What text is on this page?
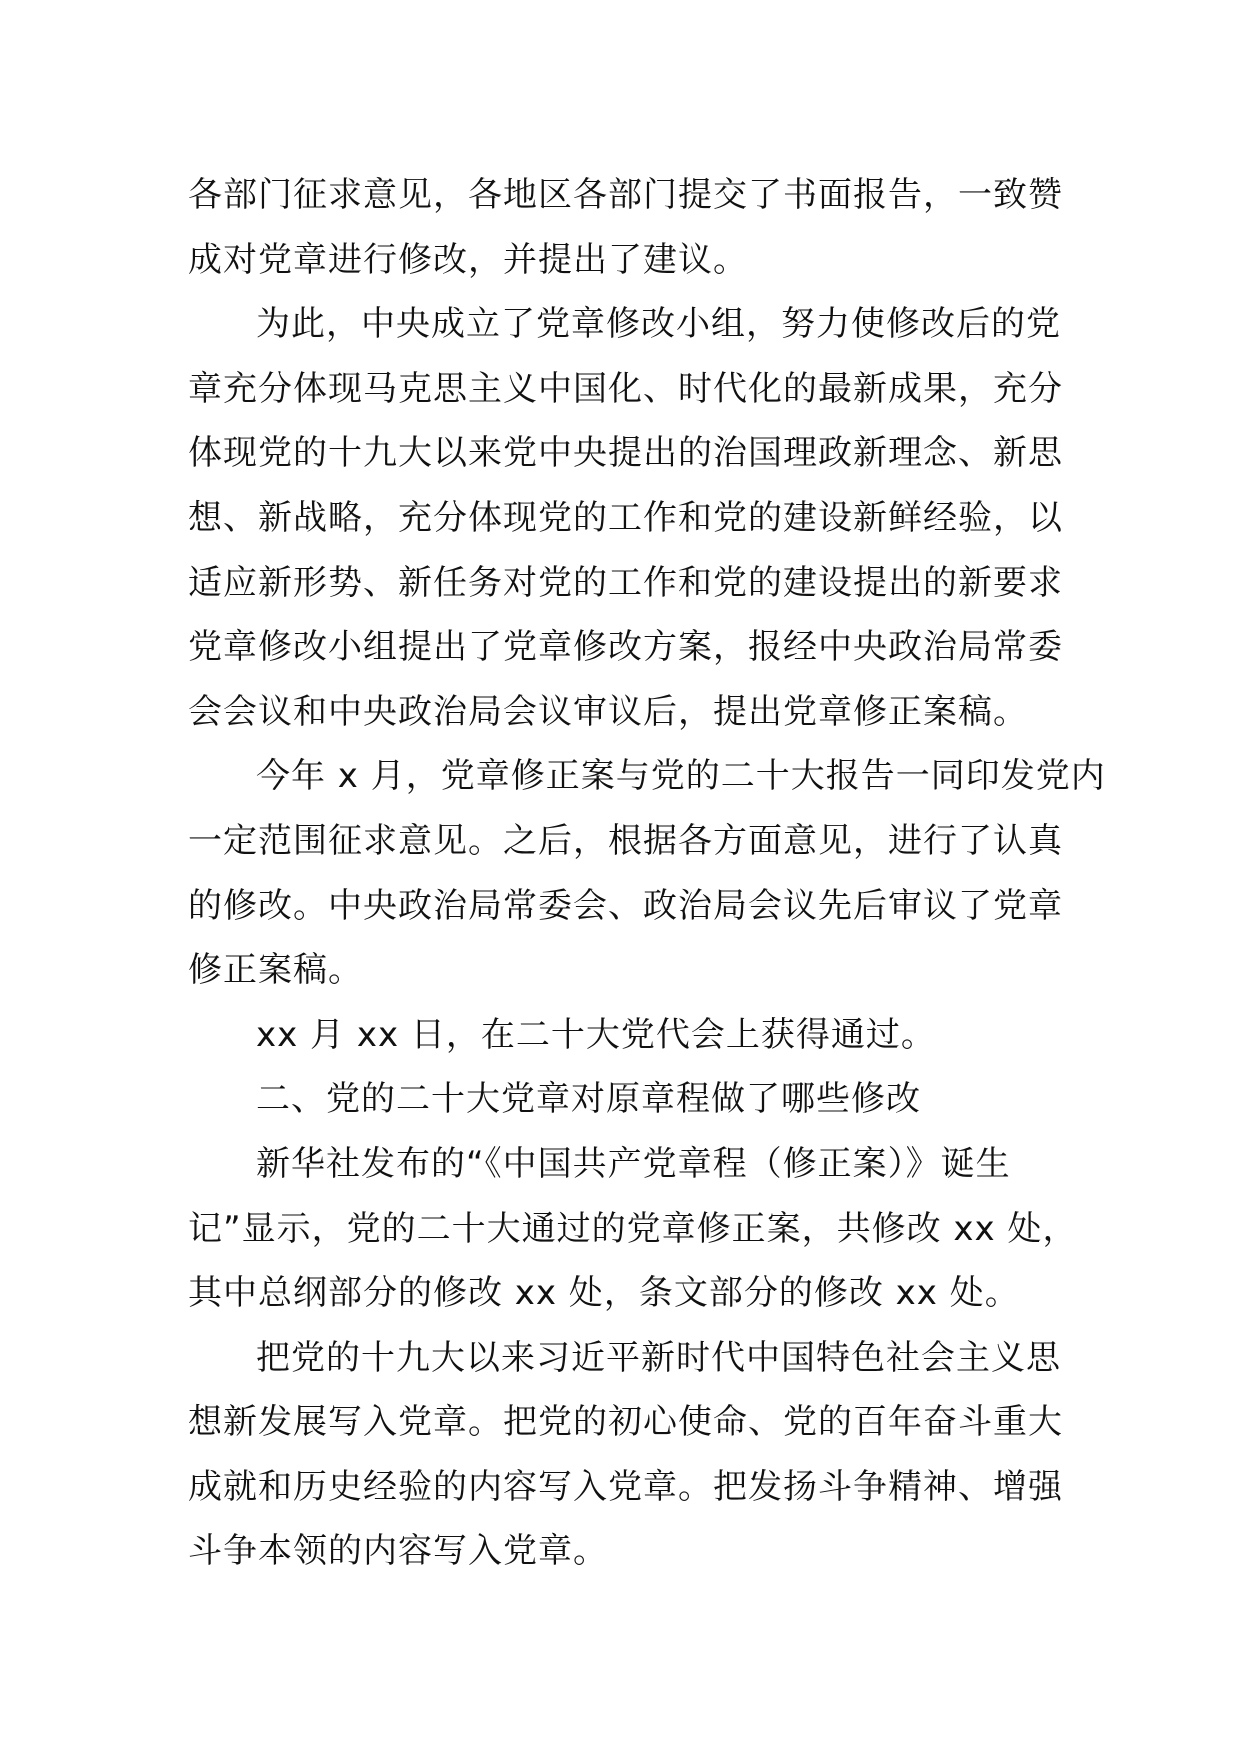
各部门征求意见，各地区各部门提交了书面报告，一致赞
成对党章进行修改，并提出了建议。
为此，中央成立了党章修改小组，努力使修改后的党
章充分体现马克思主义中国化、时代化的最新成果，充分
体现党的十九大以来党中央提出的治国理政新理念、新思
想、新战略，充分体现党的工作和党的建设新鲜经验，以
适应新形势、新任务对党的工作和党的建设提出的新要求
党章修改小组提出了党章修改方案，报经中央政治局常委
会会议和中央政治局会议审议后，提出党章修正案稿。
今年 x 月，党章修正案与党的二十大报告一同印发党内
一定范围征求意见。之后，根据各方面意见，进行了认真
的修改。中央政治局常委会、政治局会议先后审议了党章
修正案稿。
xx 月 xx 日，在二十大党代会上获得通过。
二、党的二十大党章对原章程做了哪些修改
新华社发布的“《中国共产党章程（修正案）》诞生
记”显示，党的二十大通过的党章修正案，共修改 xx 处，
其中总纲部分的修改 xx 处，条文部分的修改 xx 处。
把党的十九大以来习近平新时代中国特色社会主义思
想新发展写入党章。把党的初心使命、党的百年奋斗重大
成就和历史经验的内容写入党章。把发扬斗争精神、增强
斗争本领的内容写入党章。
